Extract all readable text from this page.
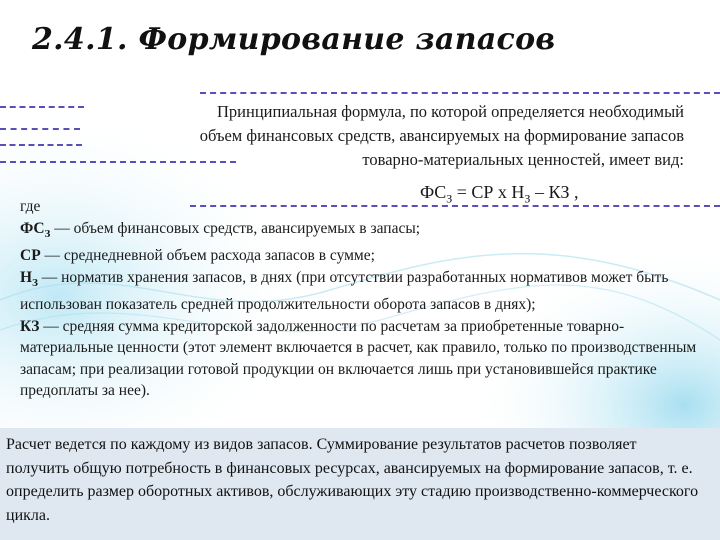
2.4.1. Формирование запасов
Принципиальная формула, по которой определяется необходимый
объем финансовых средств, авансируемых на формирование запасов
товарно-материальных ценностей, имеет вид:
$ФС_З$ = СР х $Н_З$ – КЗ ,

где

$ФС_З$ — объем финансовых средств, авансируемых в запасы;

СР — среднедневной объем расхода запасов в сумме;

$Н_З$ — норматив хранения запасов, в днях (при отсутствии разработанных нормативов может быть использован показатель средней продолжительности оборота запасов в днях);

КЗ — средняя сумма кредиторской задолженности по расчетам за приобретенные товарно-материальные ценности (этот элемент включается в расчет, как правило, только по производственным запасам; при реализации готовой продукции он включается лишь при установившейся практике предоплаты за нее).

Расчет ведется по каждому из видов запасов. Суммирование результатов расчетов позволяет получить общую потребность в финансовых ресурсах, авансируемых на формирование запасов, т. е. определить размер оборотных активов, обслуживающих эту стадию производственно-коммерческого цикла.
